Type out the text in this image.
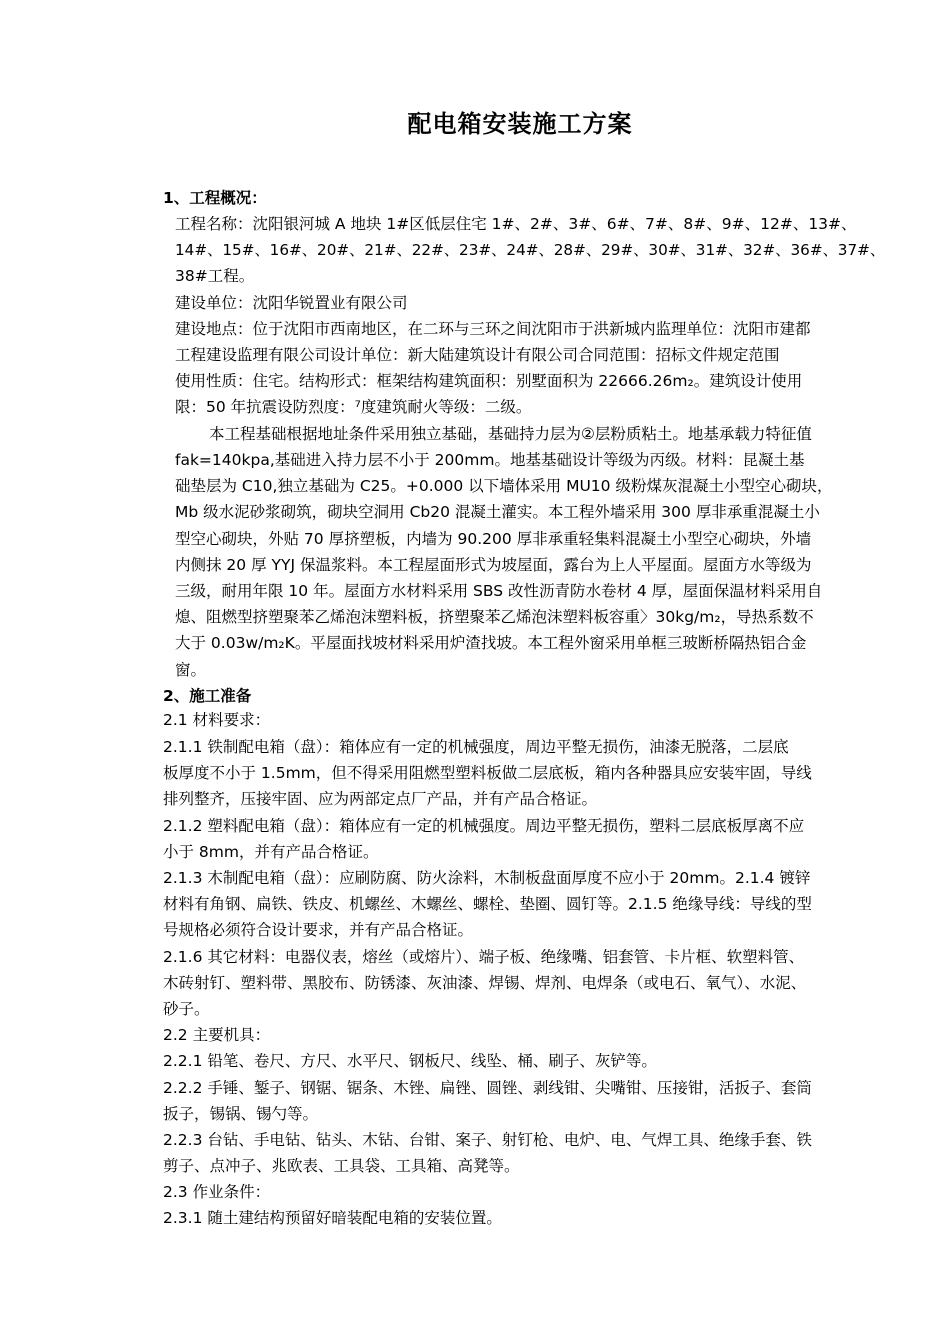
配电箱安装施工方案
1、工程概况：
工程名称：沈阳银河城 A 地块 1#区低层住宅 1#、2#、3#、6#、7#、8#、9#、12#、13#、
14#、15#、16#、20#、21#、22#、23#、24#、28#、29#、30#、31#、32#、36#、37#、
38#工程。
建设单位：沈阳华锐置业有限公司
建设地点：位于沈阳市西南地区，在二环与三环之间沈阳市于洪新城内监理单位：沈阳市建都
工程建设监理有限公司设计单位：新大陆建筑设计有限公司合同范围：招标文件规定范围
使用性质：住宅。结构形式：框架结构建筑面积：别墅面积为 22666.26m₂。建筑设计使用
限：50 年抗震设防烈度：⁷度建筑耐火等级：二级。
本工程基础根据地址条件采用独立基础，基础持力层为②层粉质粘土。地基承载力特征值
fak=140kpa,基础进入持力层不小于 200mm。地基基础设计等级为丙级。材料：昆凝土基
础垫层为 C10,独立基础为 C25。+0.000 以下墙体采用 MU10 级粉煤灰混凝土小型空心砌块，
Mb 级水泥砂浆砌筑，砌块空洞用 Cb20 混凝土灌实。本工程外墙采用 300 厚非承重混凝土小
型空心砌块，外贴 70 厚挤塑板，内墙为 90.200 厚非承重轻集料混凝土小型空心砌块，外墙
内侧抹 20 厚 YYJ 保温浆料。本工程屋面形式为坡屋面，露台为上人平屋面。屋面方水等级为
三级，耐用年限 10 年。屋面方水材料采用 SBS 改性沥青防水卷材 4 厚，屋面保温材料采用自
熄、阻燃型挤塑聚苯乙烯泡沫塑料板，挤塑聚苯乙烯泡沫塑料板容重〉30kg/m₂，导热系数不
大于 0.03w/m₂K。平屋面找坡材料采用炉渣找坡。本工程外窗采用单框三玻断桥隔热铝合金
窗。
2、施工准备
2.1 材料要求：
2.1.1 铁制配电箱（盘）：箱体应有一定的机械强度，周边平整无损伤，油漆无脱落，二层底
板厚度不小于 1.5mm，但不得采用阻燃型塑料板做二层底板，箱内各种器具应安装牢固，导线
排列整齐，压接牢固、应为两部定点厂产品，并有产品合格证。
2.1.2 塑料配电箱（盘）：箱体应有一定的机械强度。周边平整无损伤，塑料二层底板厚离不应
小于 8mm，并有产品合格证。
2.1.3 木制配电箱（盘）：应刷防腐、防火涂料，木制板盘面厚度不应小于 20mm。2.1.4 镀锌
材料有角钢、扁铁、铁皮、机螺丝、木螺丝、螺栓、垫圈、圆钉等。2.1.5 绝缘导线：导线的型
号规格必须符合设计要求，并有产品合格证。
2.1.6 其它材料：电器仪表，熔丝（或熔片）、端子板、绝缘嘴、铝套管、卡片框、软塑料管、
木砖射钉、塑料带、黑胶布、防锈漆、灰油漆、焊锡、焊剂、电焊条（或电石、氧气）、水泥、
砂子。
2.2 主要机具：
2.2.1 铅笔、卷尺、方尺、水平尺、钢板尺、线坠、桶、刷子、灰铲等。
2.2.2 手锤、錾子、钢锯、锯条、木锉、扁锉、圆锉、剥线钳、尖嘴钳、压接钳，活扳子、套筒
扳子，锡锅、锡勺等。
2.2.3 台钻、手电钻、钻头、木钻、台钳、案子、射钉枪、电炉、电、气焊工具、绝缘手套、铁
剪子、点冲子、兆欧表、工具袋、工具箱、高凳等。
2.3 作业条件：
2.3.1 随土建结构预留好暗装配电箱的安装位置。
